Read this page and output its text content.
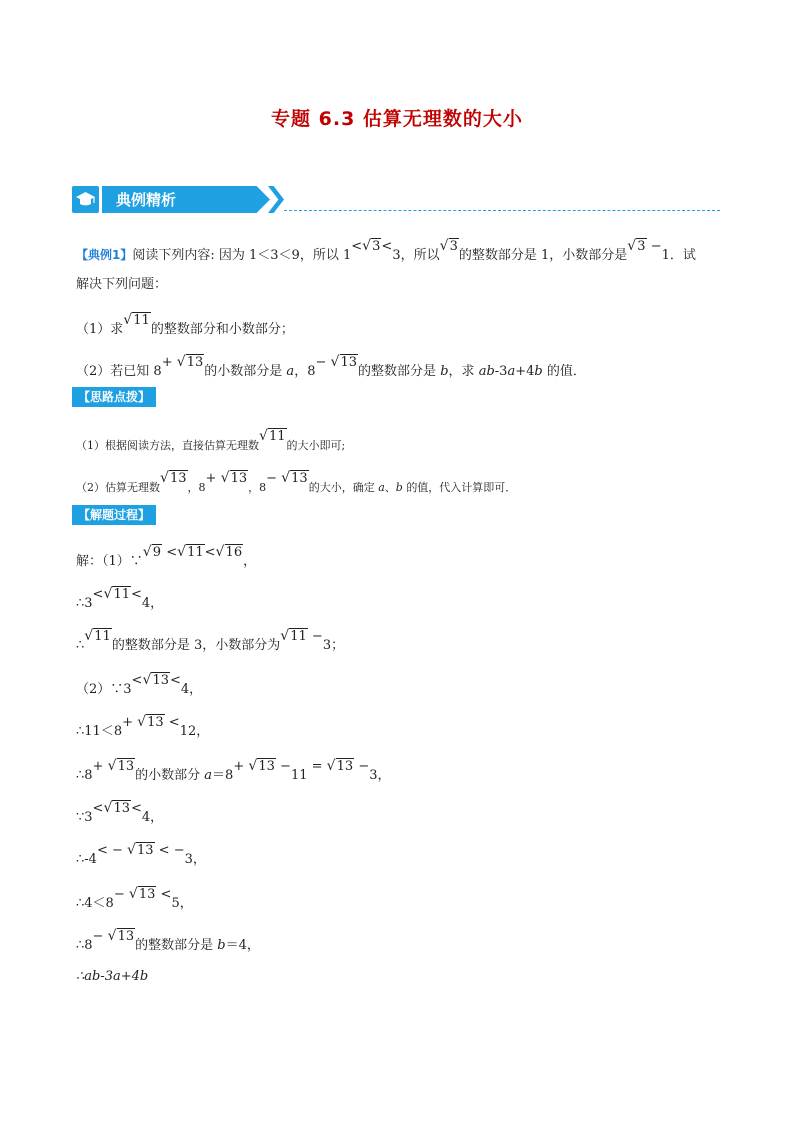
专题 6.3 估算无理数的大小
典例精析
【典例1】阅读下列内容: 因为 1＜3＜9，所以 1< √ 3<3，所以√ 3的整数部分是 1，小数部分是√ 3 −1．试
解决下列问题：
（1）求√ 11的整数部分和小数部分；
（2）若已知 8+ √ 13的小数部分是 a，8− √ 13的整数部分是 b，求 ab-3a+4b 的值．
【思路点拨】
（1）根据阅读方法，直接估算无理数√ 11的大小即可;
（2）估算无理数√ 13，8+ √ 13，8− √ 13的大小，确定 a、b 的值，代入计算即可．
【解题过程】
解：（1）∵√ 9 < √ 11< √ 16，
∴3< √ 11<4，
∴√ 11的整数部分是 3，小数部分为√ 11 −3；
（2）∵3< √ 13<4，
∴11＜8+ √ 13 <12，
∴8+ √ 13的小数部分 a＝8+ √ 13 −11 = √ 13 −3，
∵3< √ 13<4，
∴-4< − √ 13 < −3，
∴4＜8− √ 13 <5，
∴8− √ 13的整数部分是 b＝4，
∴ab-3a+4b
